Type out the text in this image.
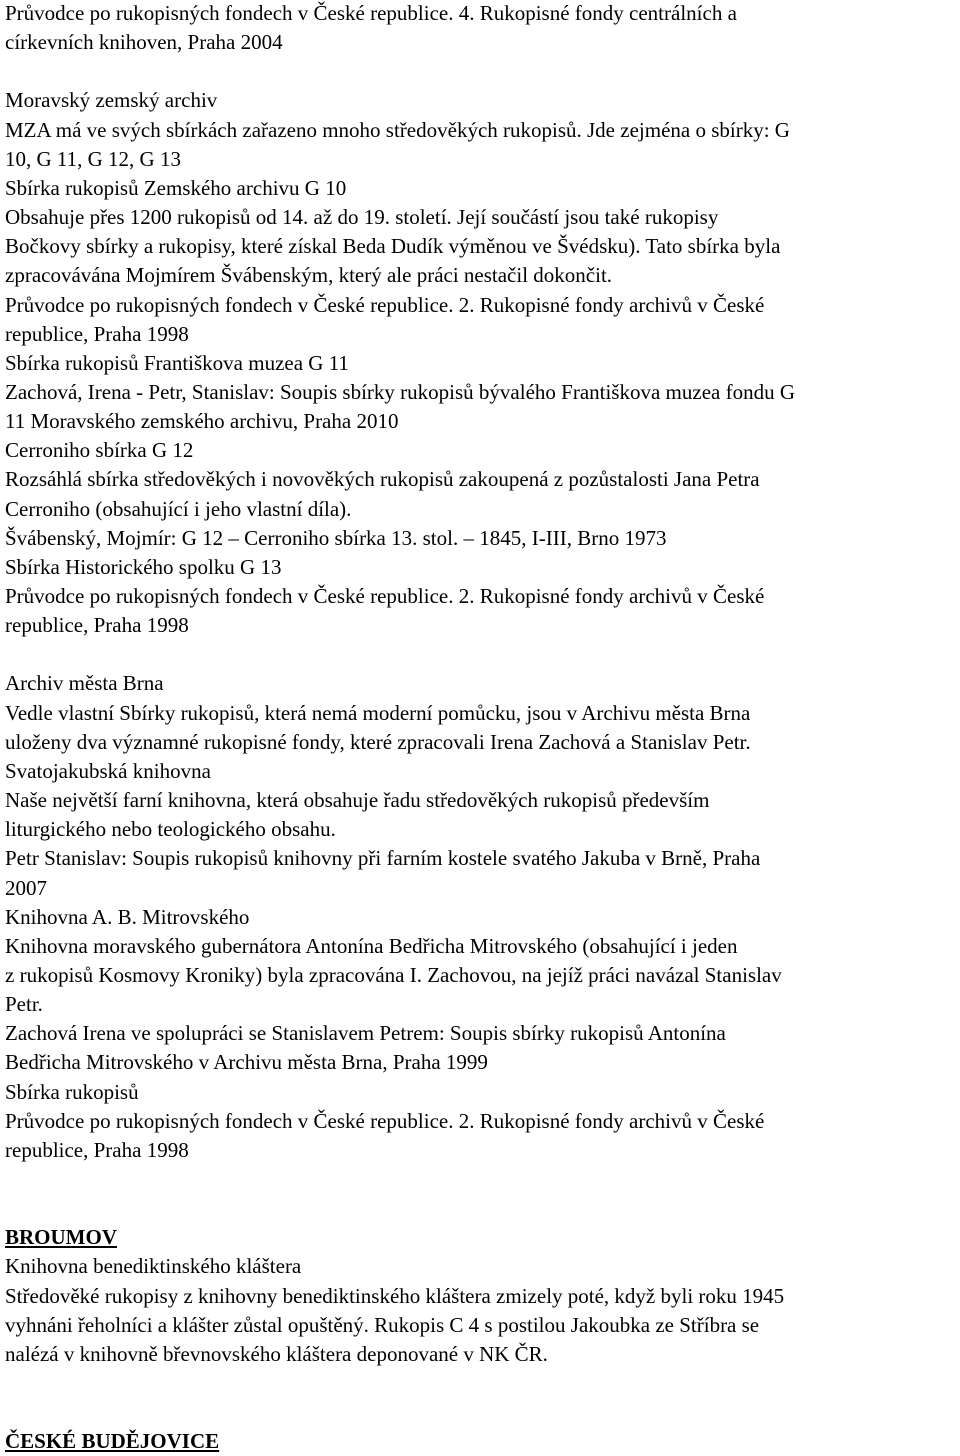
Průvodce po rukopisných fondech v České republice. 4. Rukopisné fondy centrálních a
církevních knihoven, Praha 2004
Moravský zemský archiv
MZA má ve svých sbírkách zařazeno mnoho středověkých rukopisů. Jde zejména o sbírky: G
10, G 11, G 12, G 13
Sbírka rukopisů Zemského archivu G 10
Obsahuje přes 1200 rukopisů od 14. až do 19. století. Její součástí jsou také rukopisy
Bočkovy sbírky a rukopisy, které získal Beda Dudík výměnou ve Švédsku). Tato sbírka byla
zpracovávána Mojmírem Švábenským, který ale práci nestačil dokončit.
Průvodce po rukopisných fondech v České republice. 2. Rukopisné fondy archivů v České
republice, Praha 1998
Sbírka rukopisů Františkova muzea G 11
Zachová, Irena - Petr, Stanislav: Soupis sbírky rukopisů bývalého Františkova muzea fondu G
11 Moravského zemského archivu, Praha 2010
Cerroniho sbírka G 12
Rozsáhlá sbírka středověkých i novověkých rukopisů zakoupená z pozůstalosti Jana Petra
Cerroniho (obsahující i jeho vlastní díla).
Švábenský, Mojmír: G 12 – Cerroniho sbírka 13. stol. – 1845, I-III, Brno 1973
Sbírka Historického spolku G 13
Průvodce po rukopisných fondech v České republice. 2. Rukopisné fondy archivů v České
republice, Praha 1998
Archiv města Brna
Vedle vlastní Sbírky rukopisů, která nemá moderní pomůcku, jsou v Archivu města Brna
uloženy dva významné rukopisné fondy, které zpracovali Irena Zachová a Stanislav Petr.
Svatojakubská knihovna
Naše největší farní knihovna, která obsahuje řadu středověkých rukopisů především
liturgického nebo teologického obsahu.
Petr Stanislav: Soupis rukopisů knihovny při farním kostele svatého Jakuba v Brně, Praha
2007
Knihovna A. B. Mitrovského
Knihovna moravského gubernátora Antonína Bedřicha Mitrovského (obsahující i jeden
z rukopisů Kosmovy Kroniky) byla zpracována I. Zachovou, na jejíž práci navázal Stanislav
Petr.
Zachová Irena ve spolupráci se Stanislavem Petrem: Soupis sbírky rukopisů Antonína
Bedřicha Mitrovského v Archivu města Brna, Praha 1999
Sbírka rukopisů
Průvodce po rukopisných fondech v České republice. 2. Rukopisné fondy archivů v České
republice, Praha 1998
BROUMOV
Knihovna benediktinského kláštera
Středověké rukopisy z knihovny benediktinského kláštera zmizely poté, když byli roku 1945
vyhnáni řeholníci a klášter zůstal opuštěný. Rukopis C 4 s postilou Jakoubka ze Stříbra se
nalézá v knihovně břevnovského kláštera deponované v NK ČR.
ČESKÉ BUDĚJOVICE
